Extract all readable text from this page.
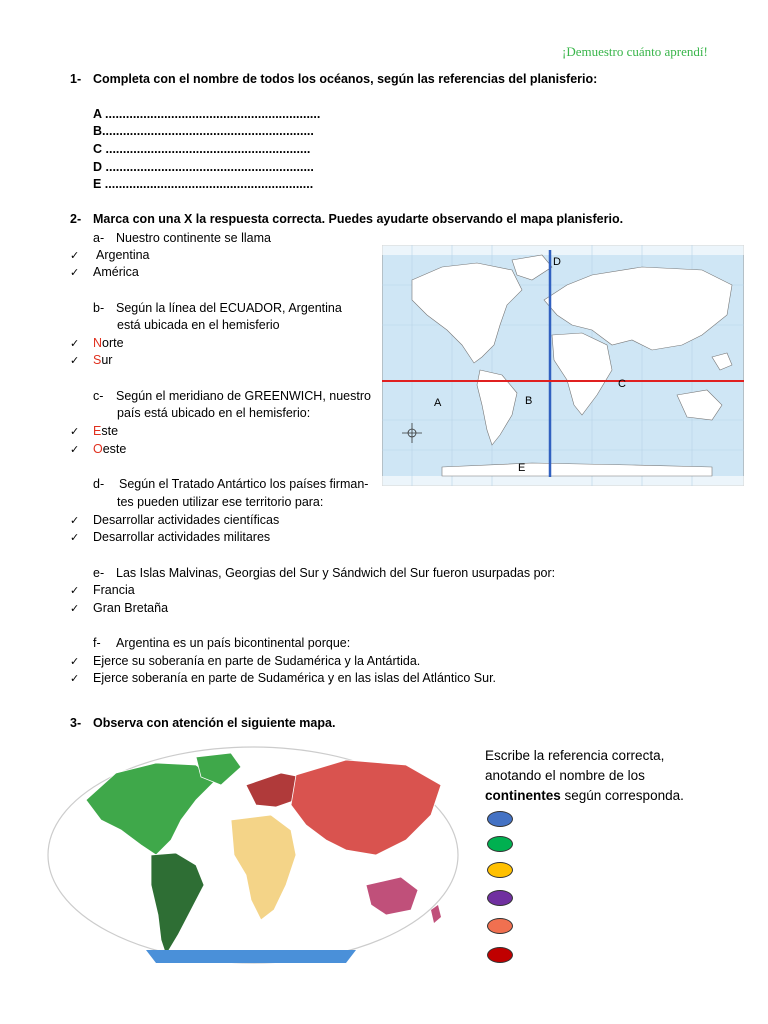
¡Demuestro cuánto aprendí!
1- Completa con el nombre de todos los océanos, según las referencias del planisferio:
A ..............................................................
B.............................................................
C ...........................................................
D ............................................................
E ............................................................
2- Marca con una X la respuesta correcta. Puedes ayudarte observando el mapa planisferio.
a- Nuestro continente se llama
✓ Argentina
✓ América
b- Según la línea del ECUADOR, Argentina
está ubicada en el hemisferio
✓ Norte
✓ Sur
c- Según el meridiano de GREENWICH, nuestro
país está ubicado en el hemisferio:
✓ Este
✓ Oeste
d- Según el Tratado Antártico los países firman-
tes pueden utilizar ese territorio para:
✓ Desarrollar actividades científicas
✓ Desarrollar actividades militares
e- Las Islas Malvinas, Georgias del Sur y Sándwich del Sur fueron usurpadas por:
✓ Francia
✓ Gran Bretaña
f- Argentina es un país bicontinental porque:
✓ Ejerce su soberanía en parte de Sudamérica y la Antártida.
✓ Ejerce soberanía en parte de Sudamérica y en las islas del Atlántico Sur.
D
C
A	B
E
3- Observa con atención el siguiente mapa.
Escribe la referencia correcta,
anotando el nombre de los
continentes según corresponda.
